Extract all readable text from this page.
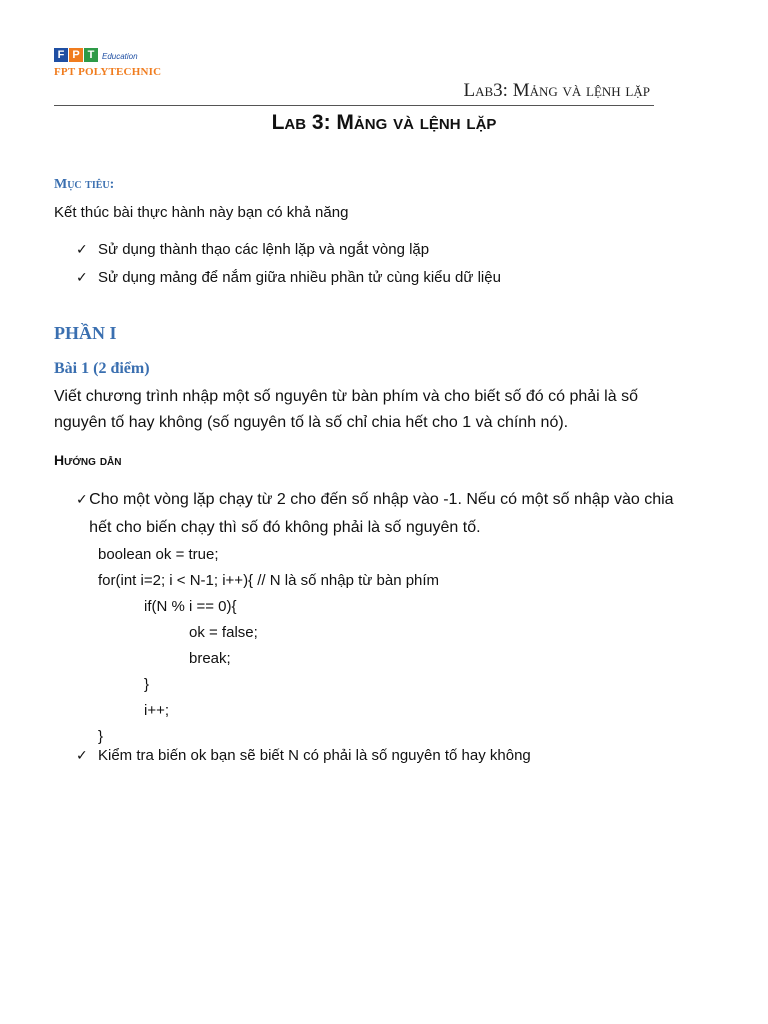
F P T Education
FPT POLYTECHNIC
Lab3: Mảng và lệnh lặp
Lab 3: Mảng và lệnh lặp
Mục tiêu:
Kết thúc bài thực hành này bạn có khả năng
✓ Sử dụng thành thạo các lệnh lặp và ngắt vòng lặp
✓ Sử dụng mảng để nắm giữa nhiều phần tử cùng kiểu dữ liệu
PHẦN I
Bài 1 (2 điểm)
Viết chương trình nhập một số nguyên từ bàn phím và cho biết số đó có phải là số nguyên tố hay không (số nguyên tố là số chỉ chia hết cho 1 và chính nó).
Hướng dẫn
✓ Cho một vòng lặp chạy từ 2 cho đến số nhập vào -1. Nếu có một số nhập vào chia hết cho biến chạy thì số đó không phải là số nguyên tố.
boolean ok = true;
for(int i=2; i < N-1; i++){ // N là số nhập từ bàn phím
if(N % i == 0){
ok = false;
break;
}
i++;
}
✓ Kiểm tra biến ok bạn sẽ biết N có phải là số nguyên tố hay không
